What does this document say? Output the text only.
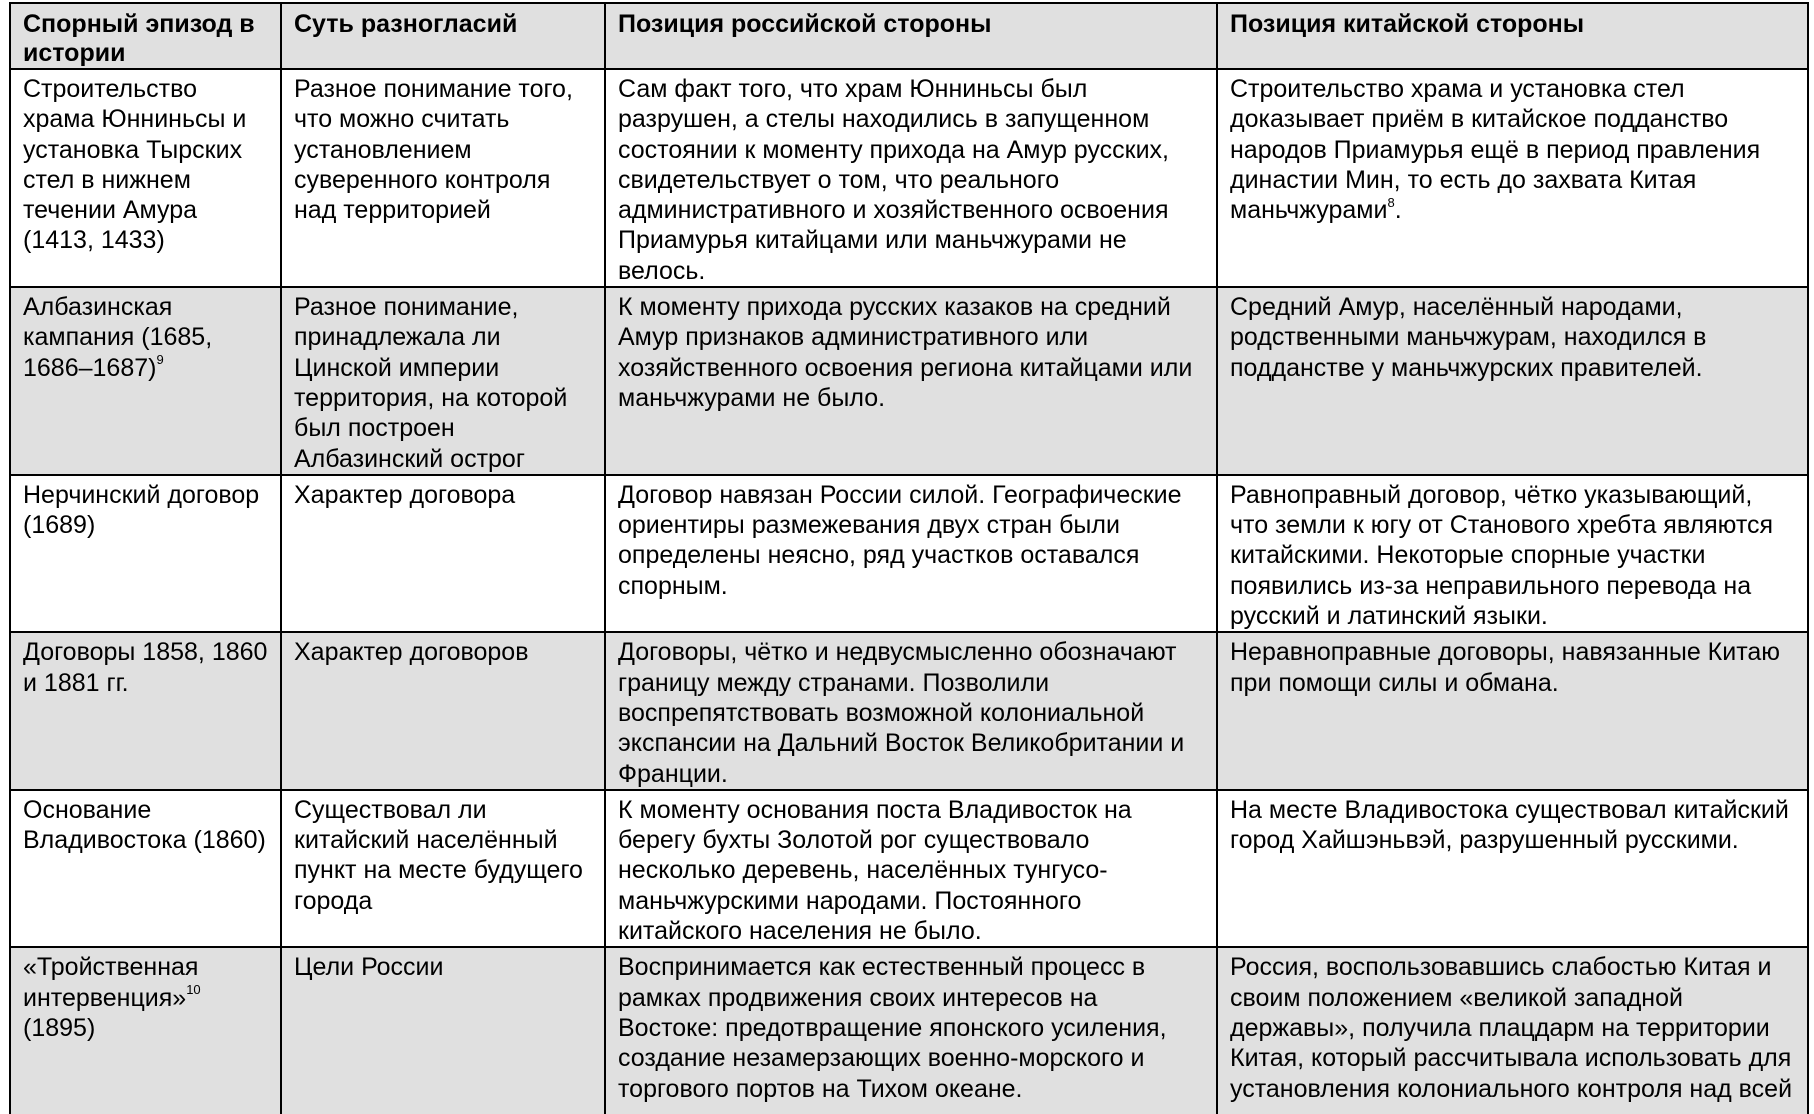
Спорный эпизод в истории	Суть разногласий	Позиция российской стороны	Позиция китайской стороны
Строительство храма Юнниньсы и установка Тырских стел в нижнем течении Амура (1413, 1433)	Разное понимание того, что можно считать установлением суверенного контроля над территорией	Сам факт того, что храм Юнниньсы был разрушен, а стелы находились в запущенном состоянии к моменту прихода на Амур русских, свидетельствует о том, что реального административного и хозяйственного освоения Приамурья китайцами или маньчжурами не велось.	Строительство храма и установка стел доказывает приём в китайское подданство народов Приамурья ещё в период правления династии Мин, то есть до захвата Китая маньчжурами$^8$.
Албазинская кампания (1685, 1686–1687)$^9$	Разное понимание, принадлежала ли Цинской империи территория, на которой был построен Албазинский острог	К моменту прихода русских казаков на средний Амур признаков административного или хозяйственного освоения региона китайцами или маньчжурами не было.	Средний Амур, населённый народами, родственными маньчжурам, находился в подданстве у маньчжурских правителей.
Нерчинский договор (1689)	Характер договора	Договор навязан России силой. Географические ориентиры размежевания двух стран были определены неясно, ряд участков оставался спорным.	Равноправный договор, чётко указывающий, что земли к югу от Станового хребта являются китайскими. Некоторые спорные участки появились из-за неправильного перевода на русский и латинский языки.
Договоры 1858, 1860 и 1881 гг.	Характер договоров	Договоры, чётко и недвусмысленно обозначают границу между странами. Позволили воспрепятствовать возможной колониальной экспансии на Дальний Восток Великобритании и Франции.	Неравноправные договоры, навязанные Китаю при помощи силы и обмана.
Основание Владивостока (1860)	Существовал ли китайский населённый пункт на месте будущего города	К моменту основания поста Владивосток на берегу бухты Золотой рог существовало несколько деревень, населённых тунгусо-маньчжурскими народами. Постоянного китайского населения не было.	На месте Владивостока существовал китайский город Хайшэньвэй, разрушенный русскими.
«Тройственная интервенция»$^{10}$ (1895)	Цели России	Воспринимается как естественный процесс в рамках продвижения своих интересов на Востоке: предотвращение японского усиления, создание незамерзающих военно-морского и торгового портов на Тихом океане.	Россия, воспользовавшись слабостью Китая и своим положением «великой западной державы», получила плацдарм на территории Китая, который рассчитывала использовать для установления колониального контроля над всей
